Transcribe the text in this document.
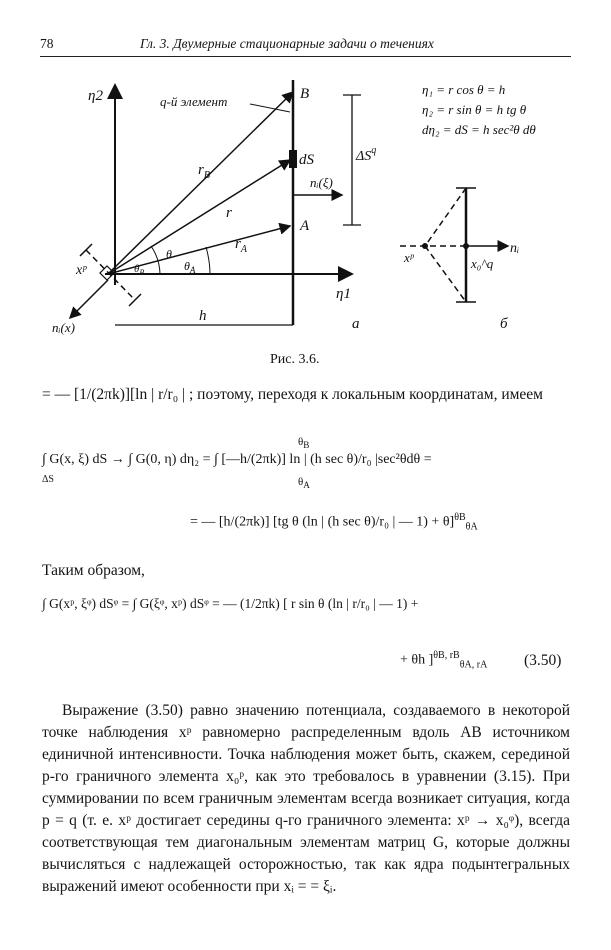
78	Гл. 3. Двумерные стационарные задачи о течениях
η2
η1
q-й элемент	B
A
dS	$\Delta S^q$
nᵢ(ξ)
nᵢ(x)
xᵖ
$r_B$
r
$r_A$
θ
$\theta_B$	$\theta_A$
h	a
η₁ = r cos θ = h
η₂ = r sin θ = h tg θ
dη₂ = dS = h sec²θ dθ
xᵖ	x₀^q
nᵢ
б
Рис. 3.6.
= — [1/(2πk)][ln | r/r₀ | ; поэтому, переходя к локальным координатам, имеем
∫ G(x, ξ) dS → ∫ G(0, η) dη₂ = ∫ [—h/(2πk)] ln | (h sec θ)/r₀ |sec²θdθ =
ΔS
$\theta_B$
$\theta_A$
= — [h/(2πk)] [tg θ (ln | (h sec θ)/r₀ | — 1) + θ]$^{\theta B}_{\theta A}$
Таким образом,
∫ G(xᵖ, ξᵠ) dSᵠ = ∫ G(ξᵠ, xᵖ) dSᵠ = — (1/2πk) [ r sin θ (ln | r/r₀ | — 1) +
+ θh ]$^{\theta B, rB}_{\theta A, rA}$ (3.50)
Выражение (3.50) равно значению потенциала, создаваемого в некоторой точке наблюдения xᵖ равномерно распределенным вдоль AB источником единичной интенсивности. Точка наблюдения может быть, скажем, серединой p-го граничного элемента x₀ᵖ, как это требовалось в уравнении (3.15). При суммировании по всем граничным элементам всегда возникает ситуация, когда p = q (т. е. xᵖ достигает середины q-го граничного элемента: xᵖ → x₀ᵠ), всегда соответствующая тем диагональным элементам матриц G, которые должны вычисляться с надлежащей осторожностью, так как ядра подынтегральных выражений имеют особенности при xᵢ = = ξᵢ.
